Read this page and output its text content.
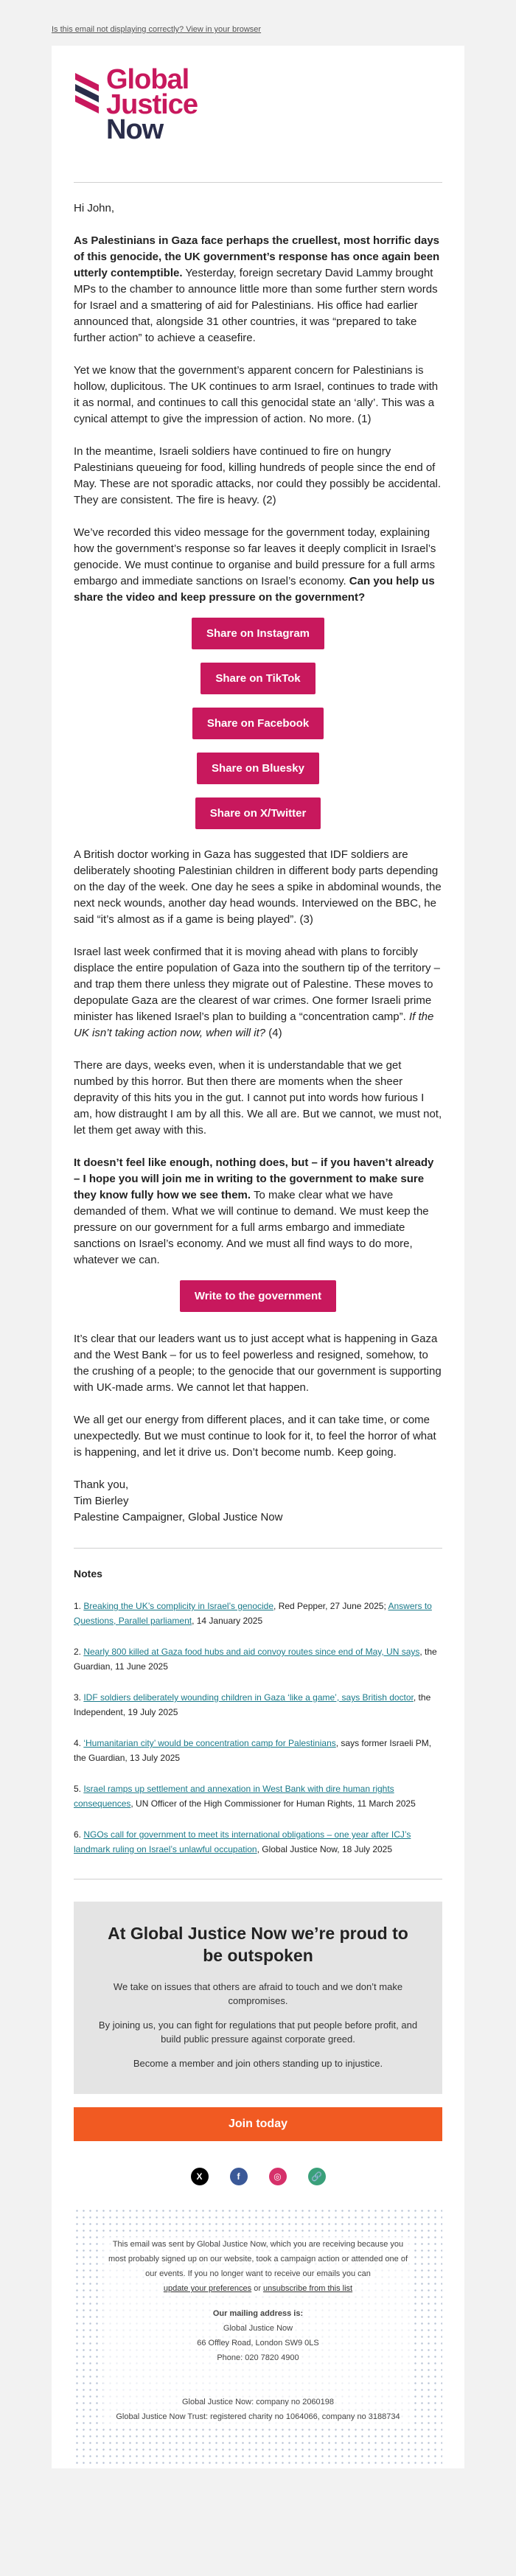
Is this email not displaying correctly? View in your browser
Global
Justice
Now

Hi John,

As Palestinians in Gaza face perhaps the cruellest, most horrific days of this genocide, the UK government’s response has once again been utterly contemptible. Yesterday, foreign secretary David Lammy brought MPs to the chamber to announce little more than some further stern words for Israel and a smattering of aid for Palestinians. His office had earlier announced that, alongside 31 other countries, it was “prepared to take further action” to achieve a ceasefire.

Yet we know that the government’s apparent concern for Palestinians is hollow, duplicitous. The UK continues to arm Israel, continues to trade with it as normal, and continues to call this genocidal state an ‘ally’. This was a cynical attempt to give the impression of action. No more. (1)

In the meantime, Israeli soldiers have continued to fire on hungry Palestinians queueing for food, killing hundreds of people since the end of May. These are not sporadic attacks, nor could they possibly be accidental. They are consistent. The fire is heavy. (2)

We’ve recorded this video message for the government today, explaining how the government’s response so far leaves it deeply complicit in Israel’s genocide. We must continue to organise and build pressure for a full arms embargo and immediate sanctions on Israel’s economy. Can you help us share the video and keep pressure on the government?

Share on Instagram
Share on TikTok
Share on Facebook
Share on Bluesky
Share on X/Twitter

A British doctor working in Gaza has suggested that IDF soldiers are deliberately shooting Palestinian children in different body parts depending on the day of the week. One day he sees a spike in abdominal wounds, the next neck wounds, another day head wounds. Interviewed on the BBC, he said “it’s almost as if a game is being played”. (3)

Israel last week confirmed that it is moving ahead with plans to forcibly displace the entire population of Gaza into the southern tip of the territory – and trap them there unless they migrate out of Palestine. These moves to depopulate Gaza are the clearest of war crimes. One former Israeli prime minister has likened Israel’s plan to building a “concentration camp”. If the UK isn’t taking action now, when will it? (4)

There are days, weeks even, when it is understandable that we get numbed by this horror. But then there are moments when the sheer depravity of this hits you in the gut. I cannot put into words how furious I am, how distraught I am by all this. We all are. But we cannot, we must not, let them get away with this.

It doesn’t feel like enough, nothing does, but – if you haven’t already – I hope you will join me in writing to the government to make sure they know fully how we see them. To make clear what we have demanded of them. What we will continue to demand. We must keep the pressure on our government for a full arms embargo and immediate sanctions on Israel’s economy. And we must all find ways to do more, whatever we can.

Write to the government

It’s clear that our leaders want us to just accept what is happening in Gaza and the West Bank – for us to feel powerless and resigned, somehow, to the crushing of a people; to the genocide that our government is supporting with UK-made arms. We cannot let that happen.

We all get our energy from different places, and it can take time, or come unexpectedly. But we must continue to look for it, to feel the horror of what is happening, and let it drive us. Don’t become numb. Keep going.

Thank you,
Tim Bierley
Palestine Campaigner, Global Justice Now

Notes

1. Breaking the UK’s complicity in Israel’s genocide, Red Pepper, 27 June 2025; Answers to Questions, Parallel parliament, 14 January 2025

2. Nearly 800 killed at Gaza food hubs and aid convoy routes since end of May, UN says, the Guardian, 11 June 2025

3. IDF soldiers deliberately wounding children in Gaza ‘like a game’, says British doctor, the Independent, 19 July 2025

4. ‘Humanitarian city’ would be concentration camp for Palestinians, says former Israeli PM, the Guardian, 13 July 2025

5. Israel ramps up settlement and annexation in West Bank with dire human rights consequences, UN Officer of the High Commissioner for Human Rights, 11 March 2025

6. NGOs call for government to meet its international obligations – one year after ICJ’s landmark ruling on Israel’s unlawful occupation, Global Justice Now, 18 July 2025

At Global Justice Now we’re proud to be outspoken

We take on issues that others are afraid to touch and we don’t make compromises.

By joining us, you can fight for regulations that put people before profit, and build public pressure against corporate greed.

Become a member and join others standing up to injustice.

Join today
X	f	◎	🔗
This email was sent by Global Justice Now, which you are receiving because you most probably signed up on our website, took a campaign action or attended one of our events. If you no longer want to receive our emails you can
update your preferences or unsubscribe from this list
Our mailing address is:
Global Justice Now
66 Offley Road, London SW9 0LS
Phone: 020 7820 4900
Global Justice Now: company no 2060198
Global Justice Now Trust: registered charity no 1064066, company no 3188734
